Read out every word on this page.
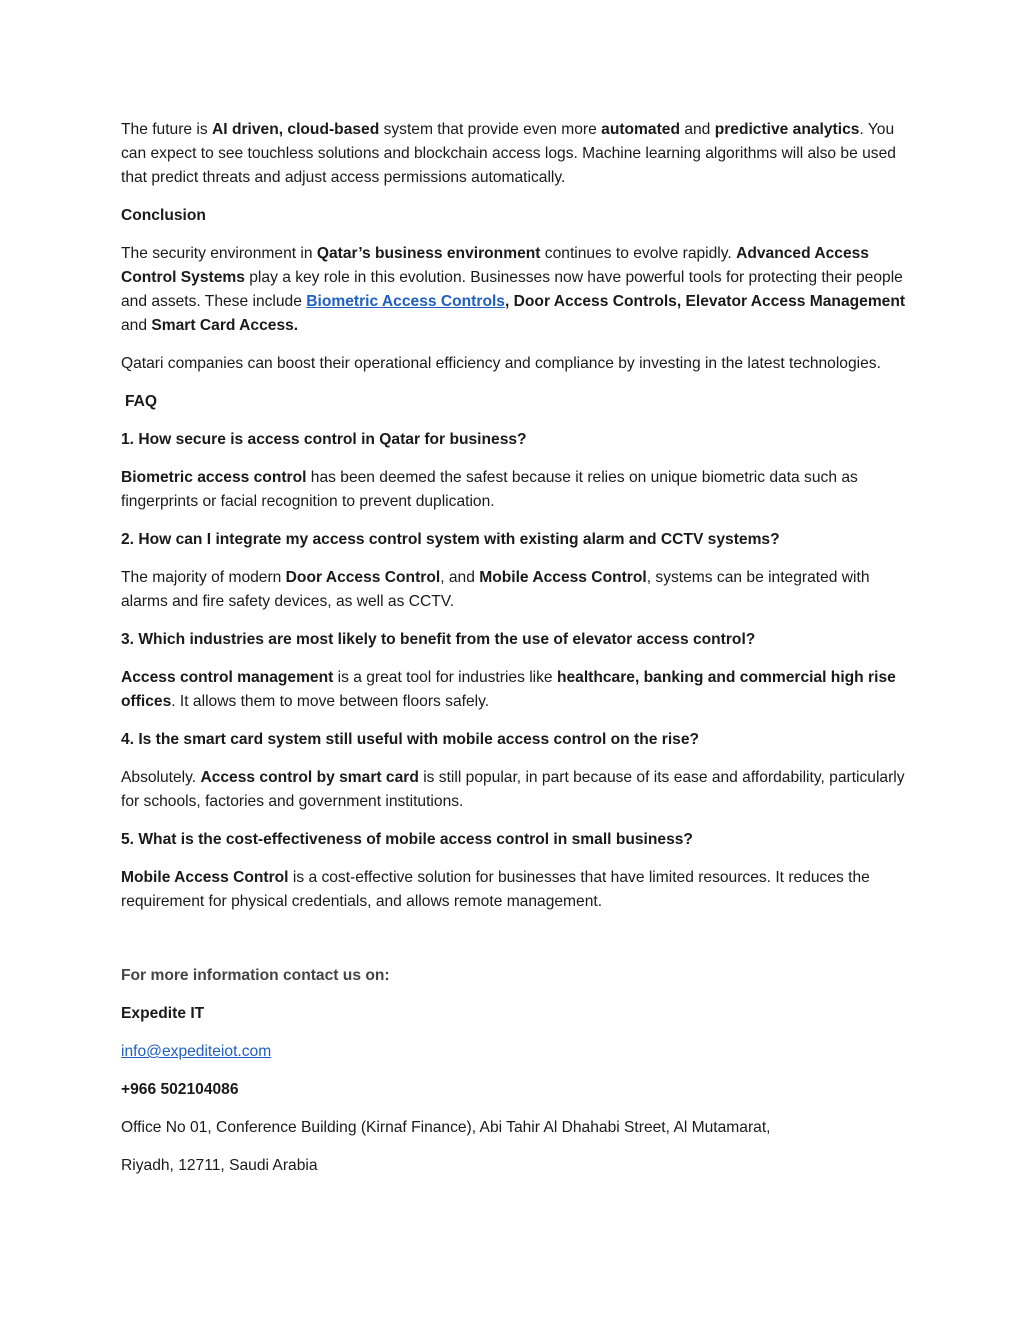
The future is AI driven, cloud-based system that provide even more automated and predictive analytics. You can expect to see touchless solutions and blockchain access logs. Machine learning algorithms will also be used that predict threats and adjust access permissions automatically.

Conclusion

The security environment in Qatar’s business environment continues to evolve rapidly. Advanced Access Control Systems play a key role in this evolution. Businesses now have powerful tools for protecting their people and assets. These include Biometric Access Controls, Door Access Controls, Elevator Access Management and Smart Card Access.

Qatari companies can boost their operational efficiency and compliance by investing in the latest technologies.

FAQ

1. How secure is access control in Qatar for business?

Biometric access control has been deemed the safest because it relies on unique biometric data such as fingerprints or facial recognition to prevent duplication.

2. How can I integrate my access control system with existing alarm and CCTV systems?

The majority of modern Door Access Control, and Mobile Access Control, systems can be integrated with alarms and fire safety devices, as well as CCTV.

3. Which industries are most likely to benefit from the use of elevator access control?

Access control management is a great tool for industries like healthcare, banking and commercial high rise offices. It allows them to move between floors safely.

4. Is the smart card system still useful with mobile access control on the rise?

Absolutely. Access control by smart card is still popular, in part because of its ease and affordability, particularly for schools, factories and government institutions.

5. What is the cost-effectiveness of mobile access control in small business?

Mobile Access Control is a cost-effective solution for businesses that have limited resources. It reduces the requirement for physical credentials, and allows remote management.

For more information contact us on:

Expedite IT

info@expediteiot.com

+966 502104086

Office No 01, Conference Building (Kirnaf Finance), Abi Tahir Al Dhahabi Street, Al Mutamarat,

Riyadh, 12711, Saudi Arabia
